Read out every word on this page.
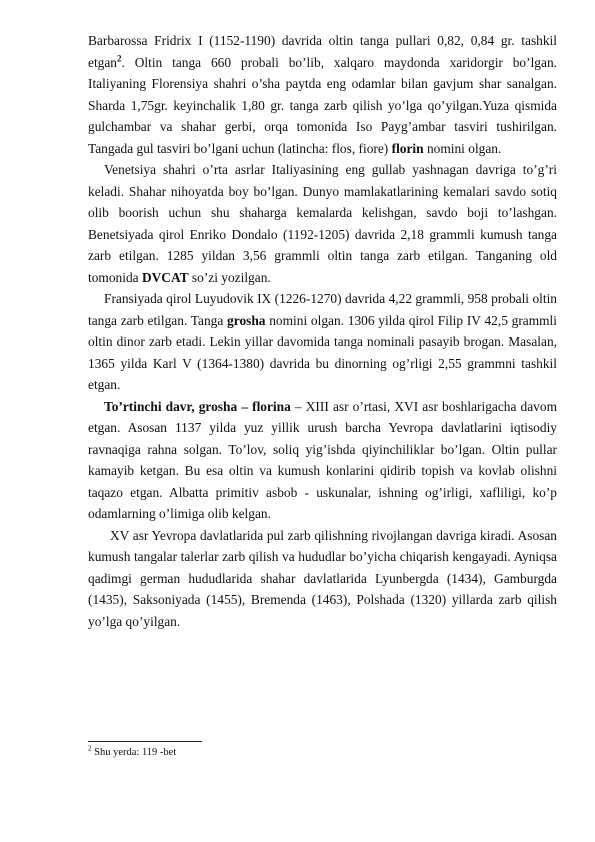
Barbarossa Fridrix I (1152-1190) davrida oltin tanga pullari 0,82, 0,84 gr. tashkil etgan$^2$. Oltin tanga 660 probali bo’lib, xalqaro maydonda xaridorgir bo’lgan. Italiyaning Florensiya shahri o’sha paytda eng odamlar bilan gavjum shar sanalgan. Sharda 1,75gr. keyinchalik 1,80 gr. tanga zarb qilish yo’lga qo’yilgan.Yuza qismida gulchambar va shahar gerbi, orqa tomonida Iso Payg’ambar tasviri tushirilgan. Tangada gul tasviri bo’lgani uchun (latincha: flos, fiore) florin nomini olgan.

Venetsiya shahri o’rta asrlar Italiyasining eng gullab yashnagan davriga to’g’ri keladi. Shahar nihoyatda boy bo’lgan. Dunyo mamlakatlarining kemalari savdo sotiq olib boorish uchun shu shaharga kemalarda kelishgan, savdo boji to’lashgan. Benetsiyada qirol Enriko Dondalo (1192-1205) davrida 2,18 grammli kumush tanga zarb etilgan. 1285 yildan 3,56 grammli oltin tanga zarb etilgan. Tanganing old tomonida DVCAT so’zi yozilgan.

Fransiyada qirol Luyudovik IX (1226-1270) davrida 4,22 grammli, 958 probali oltin tanga zarb etilgan. Tanga grosha nomini olgan. 1306 yilda qirol Filip IV 42,5 grammli oltin dinor zarb etadi. Lekin yillar davomida tanga nominali pasayib brogan. Masalan, 1365 yilda Karl V (1364-1380) davrida bu dinorning og’rligi 2,55 grammni tashkil etgan.

To’rtinchi davr, grosha – florina – XIII asr o’rtasi, XVI asr boshlarigacha davom etgan. Asosan 1137 yilda yuz yillik urush barcha Yevropa davlatlarini iqtisodiy ravnaqiga rahna solgan. To’lov, soliq yig’ishda qiyinchiliklar bo’lgan. Oltin pullar kamayib ketgan. Bu esa oltin va kumush konlarini qidirib topish va kovlab olishni taqazo etgan. Albatta primitiv asbob - uskunalar, ishning og’irligi, xafliligi, ko’p odamlarning o’limiga olib kelgan.

XV asr Yevropa davlatlarida pul zarb qilishning rivojlangan davriga kiradi. Asosan kumush tangalar talerlar zarb qilish va hududlar bo’yicha chiqarish kengayadi. Ayniqsa qadimgi german hududlarida shahar davlatlarida Lyunbergda (1434), Gamburgda (1435), Saksoniyada (1455), Bremenda (1463), Polshada (1320) yillarda zarb qilish yo’lga qo’yilgan.

$^2$ Shu yerda: 119 -bet
